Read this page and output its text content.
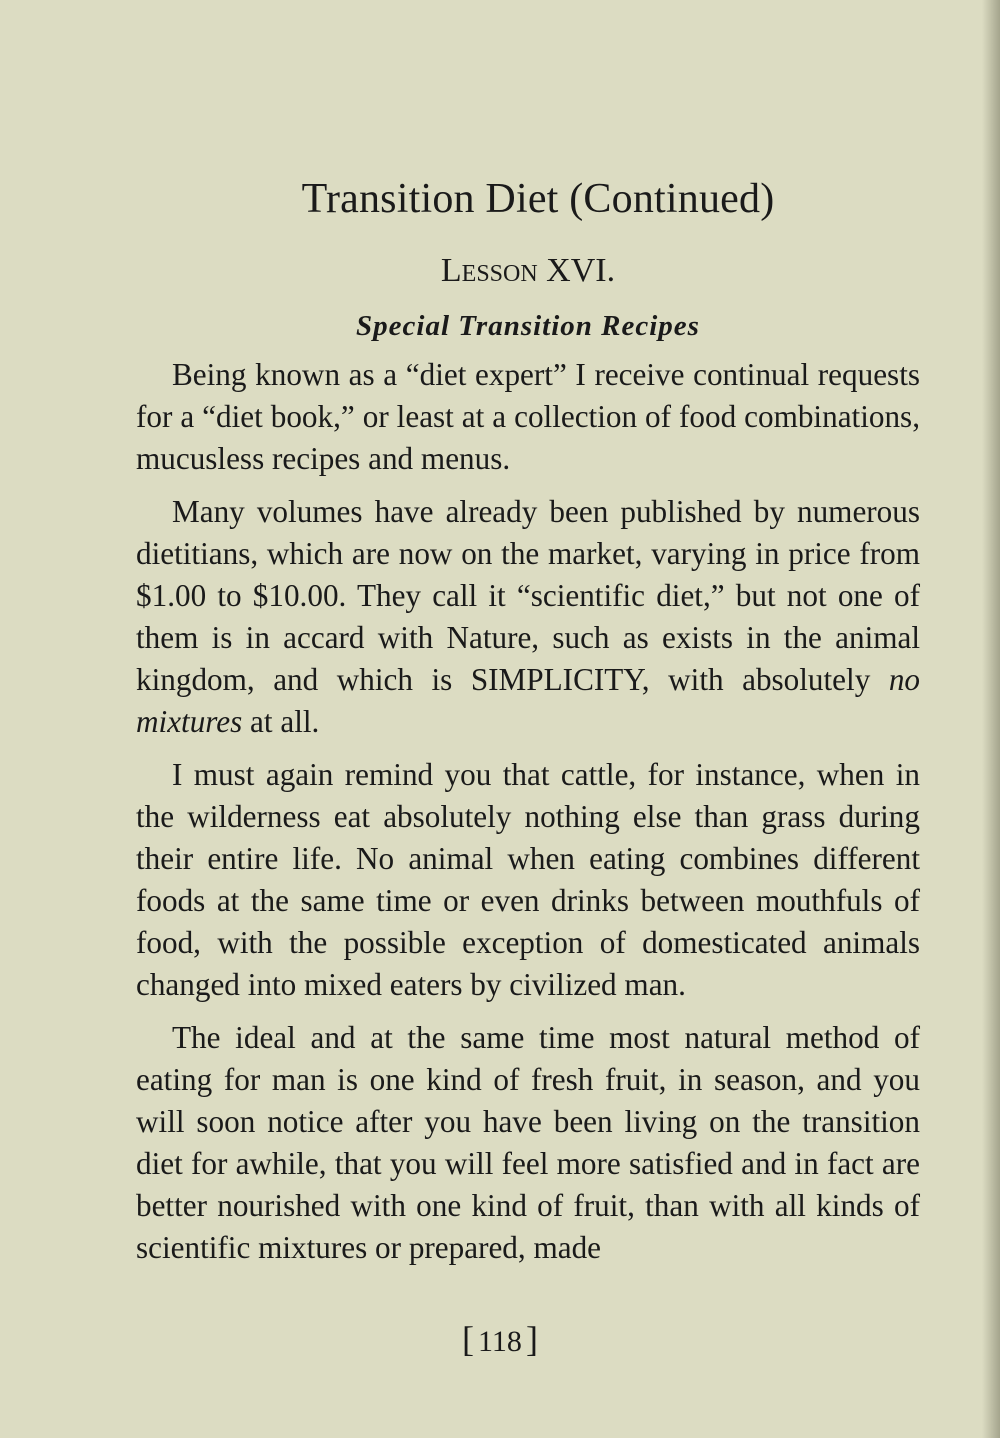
Transition Diet (Continued)
Lesson XVI.
Special Transition Recipes

Being known as a “diet expert” I receive continual requests for a “diet book,” or least at a collection of food combinations, mucusless recipes and menus.

Many volumes have already been published by numerous dietitians, which are now on the market, varying in price from $1.00 to $10.00. They call it “scientific diet,” but not one of them is in accard with Nature, such as exists in the animal kingdom, and which is SIMPLICITY, with absolutely no mixtures at all.

I must again remind you that cattle, for instance, when in the wilderness eat absolutely nothing else than grass during their entire life. No animal when eating combines different foods at the same time or even drinks between mouthfuls of food, with the possible exception of domesticated animals changed into mixed eaters by civilized man.

The ideal and at the same time most natural method of eating for man is one kind of fresh fruit, in season, and you will soon notice after you have been living on the transition diet for awhile, that you will feel more satisfied and in fact are better nourished with one kind of fruit, than with all kinds of scientific mixtures or prepared, made

[ 118 ]
